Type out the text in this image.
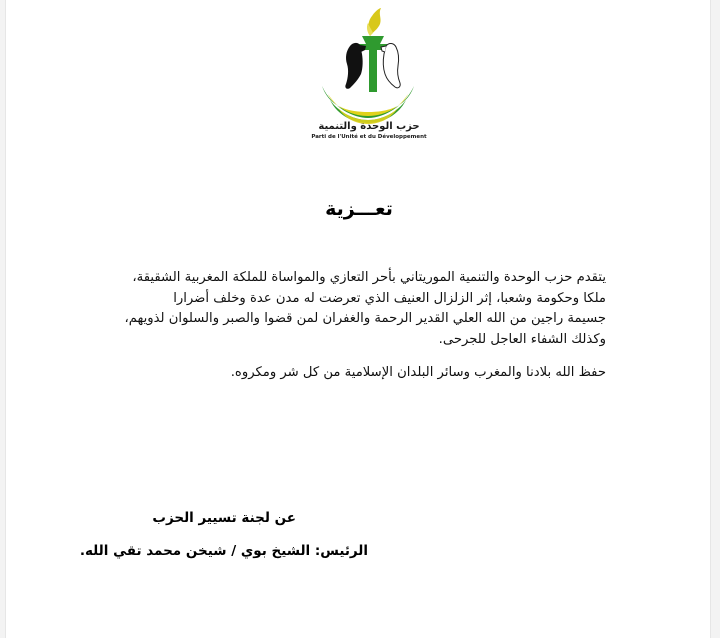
حزب الوحدة والتنمية
Parti de l'Unité et du Développement
تعـــزية
يتقدم حزب الوحدة والتنمية الموريتاني بأحر التعازي والمواساة للملكة المغربية الشقيقة،
ملكا وحكومة وشعبا، إثر الزلزال العنيف الذي تعرضت له مدن عدة وخلف أضرارا
جسيمة راجين من الله العلي القدير الرحمة والغفران لمن قضوا والصبر والسلوان لذويهم،
وكذلك الشفاء العاجل للجرحى.
حفظ الله بلادنا والمغرب وسائر البلدان الإسلامية من كل شر ومكروه.
عن لجنة تسيير الحزب
الرئيس: الشيخ بوي / شيخن محمد تقي الله.
